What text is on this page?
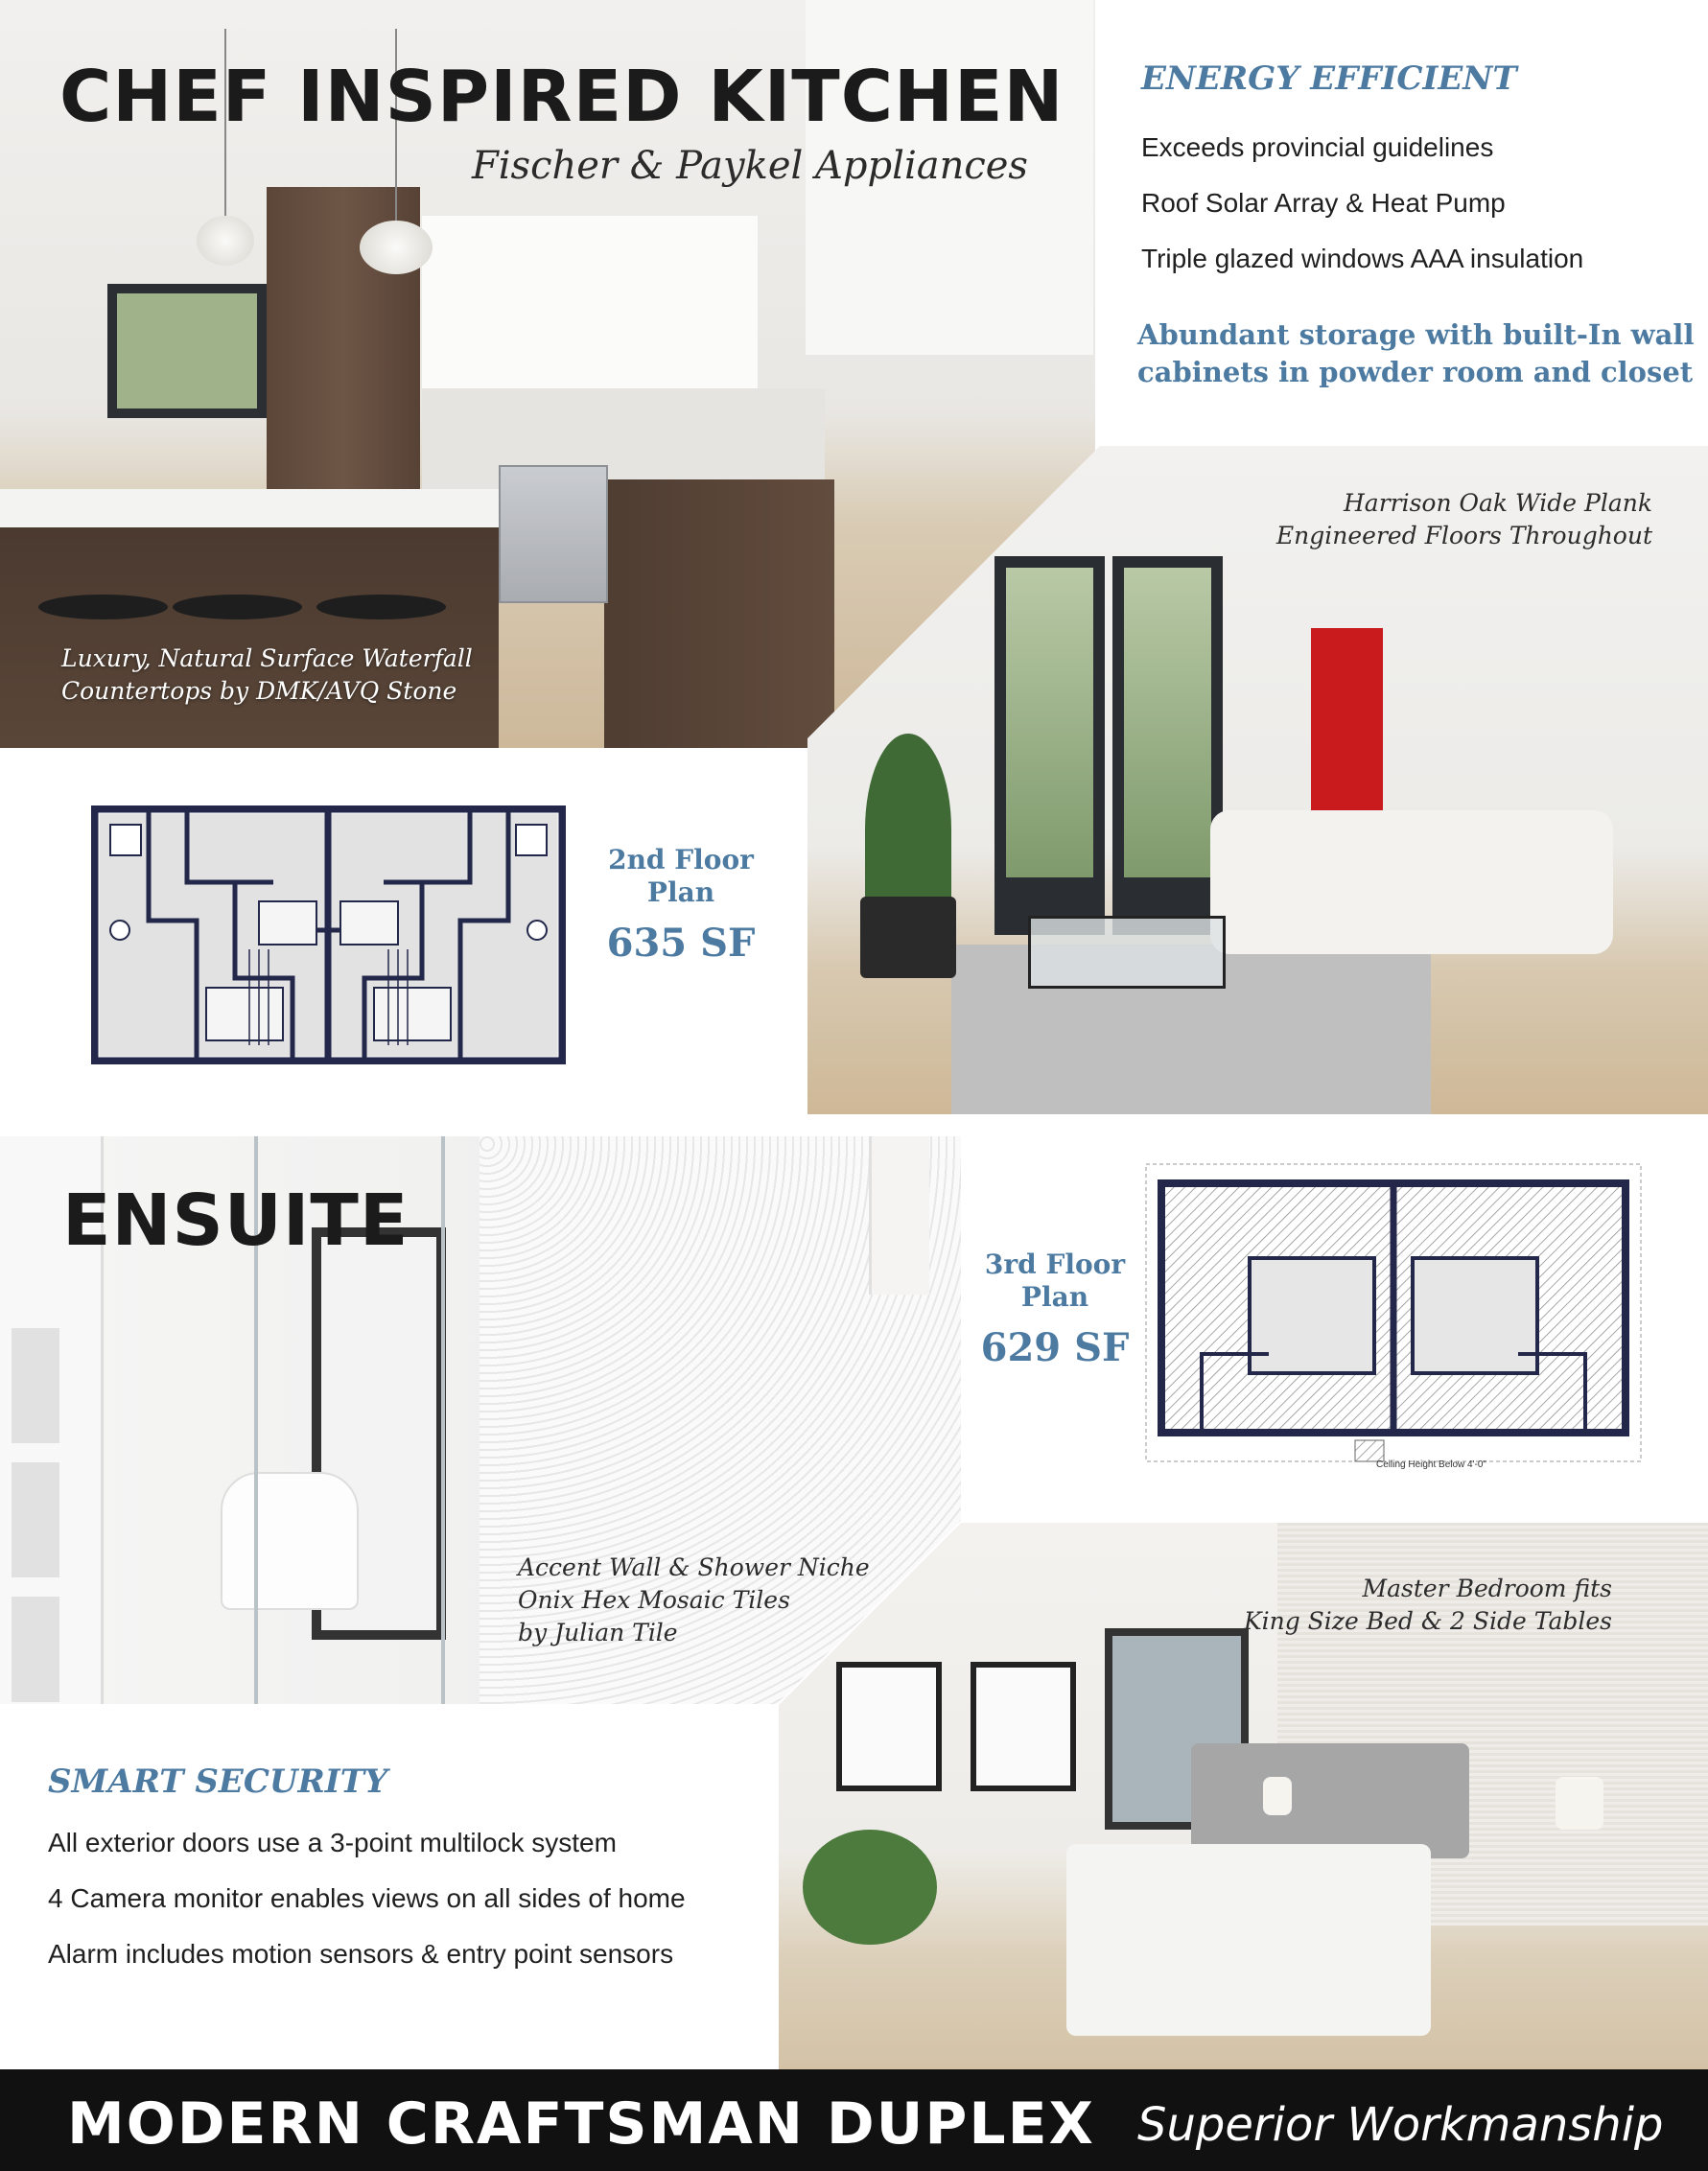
CHEF INSPIRED KITCHEN
Fischer & Paykel Appliances
Luxury, Natural Surface Waterfall
Countertops by DMK/AVQ Stone
ENERGY EFFICIENT
Exceeds provincial guidelines
Roof Solar Array & Heat Pump
Triple glazed windows AAA insulation
Abundant storage with built-In wall
cabinets in powder room and closet
Harrison Oak Wide Plank
Engineered Floors Throughout
2nd Floor
Plan
635 SF
ENSUITE
Accent Wall & Shower Niche
Onix Hex Mosaic Tiles
by Julian Tile
Ceiling Height Below 4'-0"
3rd Floor
Plan
629 SF
Master Bedroom fits
King Size Bed & 2 Side Tables
SMART SECURITY
All exterior doors use a 3-point multilock system
4 Camera monitor enables views on all sides of home
Alarm includes motion sensors & entry point sensors
MODERN CRAFTSMAN DUPLEX Superior Workmanship
